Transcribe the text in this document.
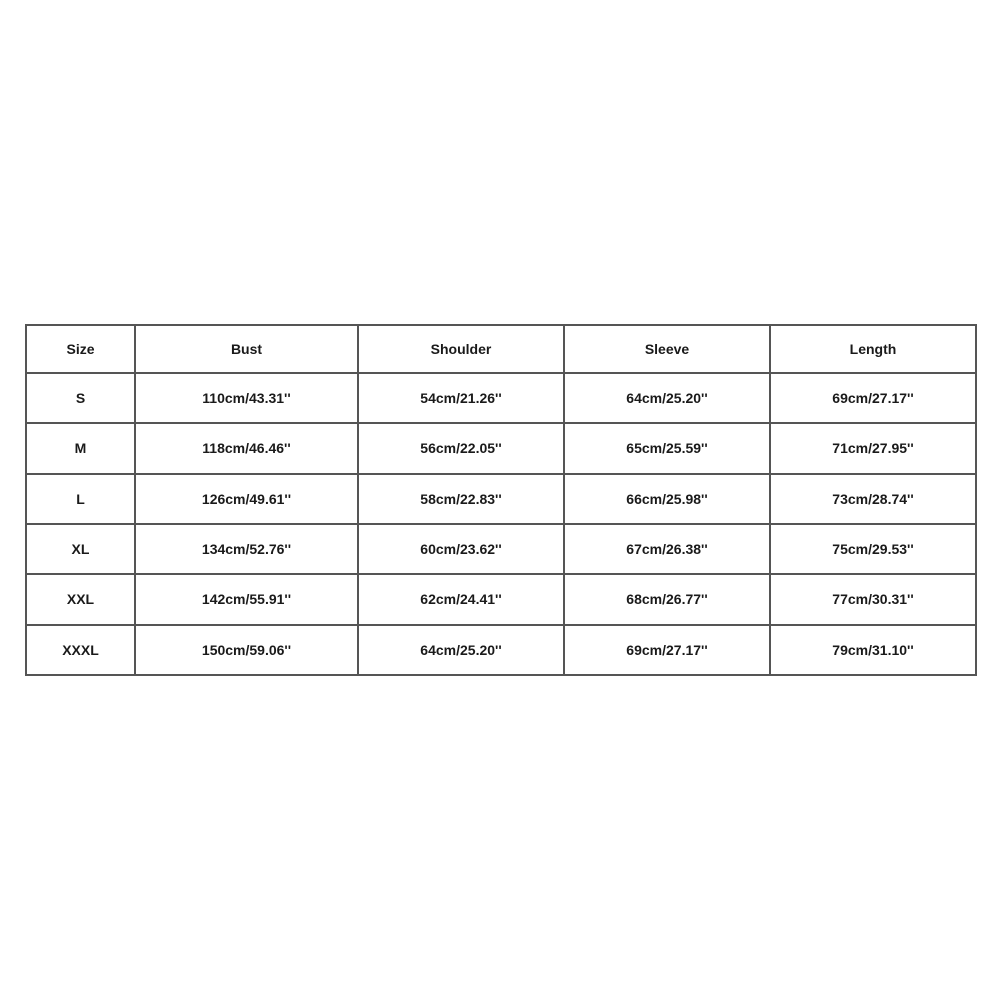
Size	Bust	Shoulder	Sleeve	Length
S	110cm/43.31''	54cm/21.26''	64cm/25.20''	69cm/27.17''
M	118cm/46.46''	56cm/22.05''	65cm/25.59''	71cm/27.95''
L	126cm/49.61''	58cm/22.83''	66cm/25.98''	73cm/28.74''
XL	134cm/52.76''	60cm/23.62''	67cm/26.38''	75cm/29.53''
XXL	142cm/55.91''	62cm/24.41''	68cm/26.77''	77cm/30.31''
XXXL	150cm/59.06''	64cm/25.20''	69cm/27.17''	79cm/31.10''
